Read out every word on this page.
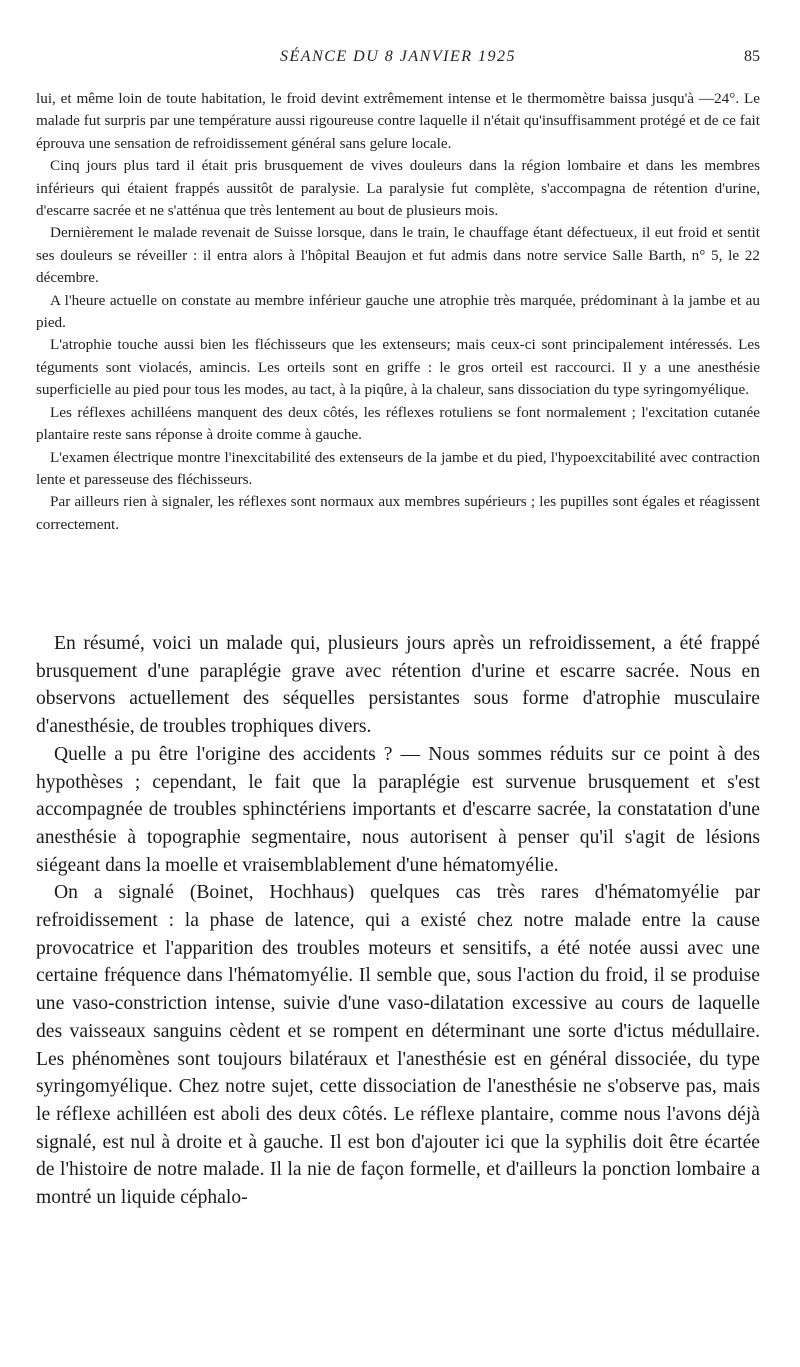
SÉANCE DU 8 JANVIER 1925	85

lui, et même loin de toute habitation, le froid devint extrêmement intense et le thermomètre baissa jusqu'à —24°. Le malade fut surpris par une température aussi rigoureuse contre laquelle il n'était qu'insuffisamment protégé et de ce fait éprouva une sensation de refroidissement général sans gelure locale.

Cinq jours plus tard il était pris brusquement de vives douleurs dans la région lombaire et dans les membres inférieurs qui étaient frappés aussitôt de paralysie. La paralysie fut complète, s'accompagna de rétention d'urine, d'escarre sacrée et ne s'atténua que très lentement au bout de plusieurs mois.

Dernièrement le malade revenait de Suisse lorsque, dans le train, le chauffage étant défectueux, il eut froid et sentit ses douleurs se réveiller : il entra alors à l'hôpital Beaujon et fut admis dans notre service Salle Barth, n° 5, le 22 décembre.

A l'heure actuelle on constate au membre inférieur gauche une atrophie très marquée, prédominant à la jambe et au pied.

L'atrophie touche aussi bien les fléchisseurs que les extenseurs; mais ceux-ci sont principalement intéressés. Les téguments sont violacés, amincis. Les orteils sont en griffe : le gros orteil est raccourci. Il y a une anesthésie superficielle au pied pour tous les modes, au tact, à la piqûre, à la chaleur, sans dissociation du type syringomyélique.

Les réflexes achilléens manquent des deux côtés, les réflexes rotuliens se font normalement ; l'excitation cutanée plantaire reste sans réponse à droite comme à gauche.

L'examen électrique montre l'inexcitabilité des extenseurs de la jambe et du pied, l'hypoexcitabilité avec contraction lente et paresseuse des fléchisseurs.

Par ailleurs rien à signaler, les réflexes sont normaux aux membres supérieurs ; les pupilles sont égales et réagissent correctement.

En résumé, voici un malade qui, plusieurs jours après un refroidissement, a été frappé brusquement d'une paraplégie grave avec rétention d'urine et escarre sacrée. Nous en observons actuellement des séquelles persistantes sous forme d'atrophie musculaire d'anesthésie, de troubles trophiques divers.

Quelle a pu être l'origine des accidents ? — Nous sommes réduits sur ce point à des hypothèses ; cependant, le fait que la paraplégie est survenue brusquement et s'est accompagnée de troubles sphinctériens importants et d'escarre sacrée, la constatation d'une anesthésie à topographie segmentaire, nous autorisent à penser qu'il s'agit de lésions siégeant dans la moelle et vraisemblablement d'une hématomyélie.

On a signalé (Boinet, Hochhaus) quelques cas très rares d'hématomyélie par refroidissement : la phase de latence, qui a existé chez notre malade entre la cause provocatrice et l'apparition des troubles moteurs et sensitifs, a été notée aussi avec une certaine fréquence dans l'hématomyélie. Il semble que, sous l'action du froid, il se produise une vaso-constriction intense, suivie d'une vaso-dilatation excessive au cours de laquelle des vaisseaux sanguins cèdent et se rompent en déterminant une sorte d'ictus médullaire. Les phénomènes sont toujours bilatéraux et l'anesthésie est en général dissociée, du type syringomyélique. Chez notre sujet, cette dissociation de l'anesthésie ne s'observe pas, mais le réflexe achilléen est aboli des deux côtés. Le réflexe plantaire, comme nous l'avons déjà signalé, est nul à droite et à gauche. Il est bon d'ajouter ici que la syphilis doit être écartée de l'histoire de notre malade. Il la nie de façon formelle, et d'ailleurs la ponction lombaire a montré un liquide céphalo-
